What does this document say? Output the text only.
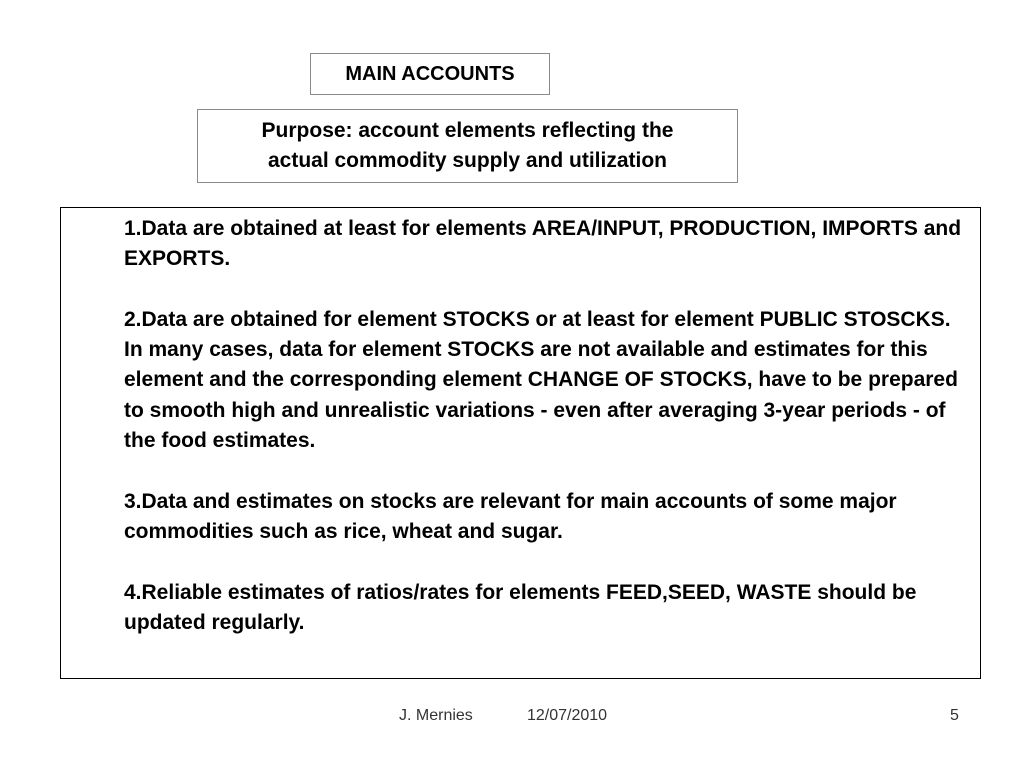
MAIN ACCOUNTS
Purpose: account elements reflecting the
actual commodity supply and utilization

1.Data are obtained at least for elements AREA/INPUT, PRODUCTION, IMPORTS and EXPORTS.

2.Data are obtained for element STOCKS or at least for element PUBLIC STOSCKS. In many cases, data for element STOCKS are not available and estimates for this element and the corresponding element CHANGE OF STOCKS, have to be prepared to smooth high and unrealistic variations - even after averaging 3-year periods - of the food estimates.

3.Data and estimates on stocks are relevant for main accounts of some major commodities such as rice, wheat and sugar.

4.Reliable estimates of ratios/rates for elements FEED,SEED, WASTE should be updated regularly.

J. Mernies	12/07/2010	5
